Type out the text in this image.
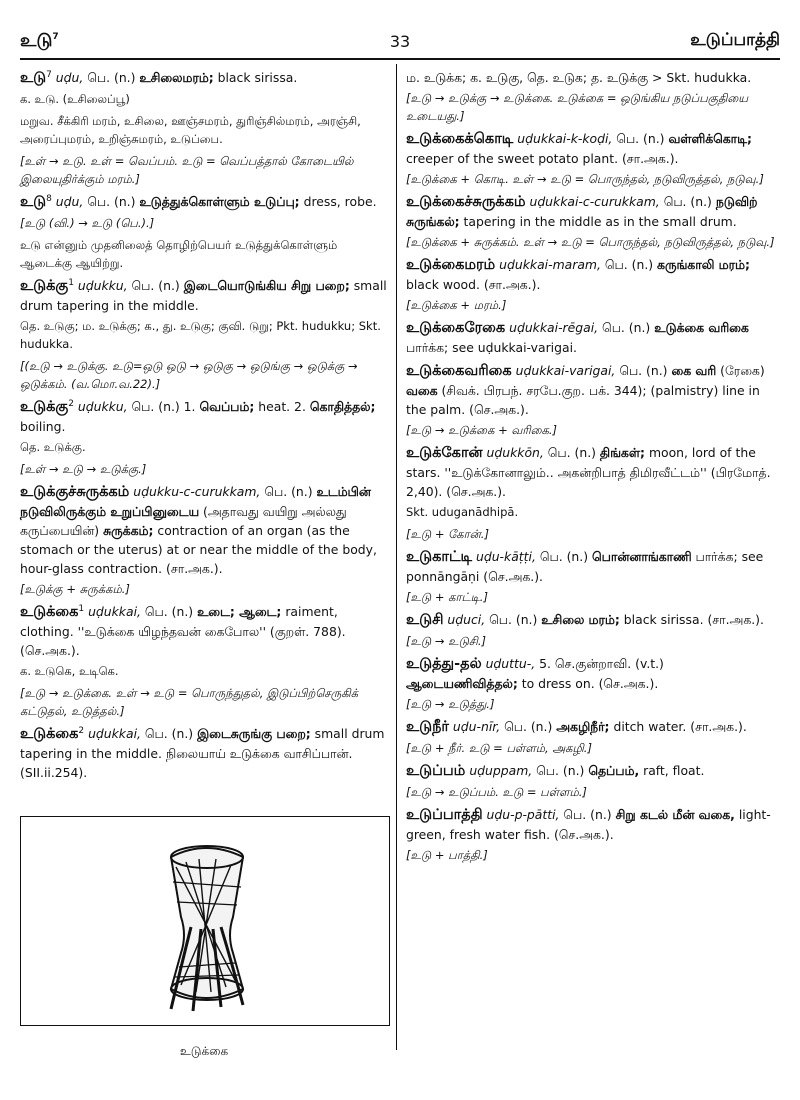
உடு$^7$	33	உடுப்பாத்தி
உடு$^7$ uḍu, பெ. (n.) உசிலைமரம்; black sirissa.
க. உடு. (உசிலைப்பூ)
மறுவ. சீக்கிரி மரம், உசிலை, ஊஞ்சமரம், துரிஞ்சில்மரம், அரஞ்சி, அரைப்புமரம், உறிஞ்சுமரம், உடுப்பை.
[உள் → உடு. உள் = வெப்பம். உடு = வெப்பத்தால் கோடையில் இலையுதிர்க்கும் மரம்.]
உடு$^8$ uḍu, பெ. (n.) உடுத்துக்கொள்ளும் உடுப்பு; dress, robe.
[உடு (வி.) → உடு (பெ.).]
உடு என்னும் முதனிலைத் தொழிற்பெயர் உடுத்துக்கொள்ளும் ஆடைக்கு ஆயிற்று.
உடுக்கு$^1$ uḍukku, பெ. (n.) இடையொடுங்கிய சிறு பறை; small drum tapering in the middle.
தெ. உடுகு; ம. உடுக்கு; க., து. உடுகு; குவி. டுறு; Pkt. hudukku; Skt. hudukka.
[(உடு → உடுக்கு. உடு=ஒடு ஒடு → ஒடுகு → ஒடுங்கு → ஒடுக்கு → ஒடுக்கம். (வ.மொ.வ.22).]
உடுக்கு$^2$ uḍukku, பெ. (n.) 1. வெப்பம்; heat. 2. கொதித்தல்; boiling.
தெ. உடுக்கு.
[உள் → உடு → உடுக்கு.]
உடுக்குச்சுருக்கம் uḍukku-c-curukkam, பெ. (n.) உடம்பின் நடுவிலிருக்கும் உறுப்பினுடைய (அதாவது வயிறு அல்லது கருப்பையின்) சுருக்கம்; contraction of an organ (as the stomach or the uterus) at or near the middle of the body, hour-glass contraction. (சா.அக.).
[உடுக்கு + சுருக்கம்.]
உடுக்கை$^1$ uḍukkai, பெ. (n.) உடை; ஆடை; raiment, clothing. ''உடுக்கை யிழந்தவன் கைபோல'' (குறள். 788). (செ.அக.).
க. உடுகெ, உடிகெ.
[உடு → உடுக்கை. உள் → உடு = பொருந்துதல், இடுப்பிற்செருகிக் கட்டுதல், உடுத்தல்.]
உடுக்கை$^2$ uḍukkai, பெ. (n.) இடைசுருங்கு பறை; small drum tapering in the middle. நிலையாய் உடுக்கை வாசிப்பான். (SII.ii.254).
ம. உடுக்க; க. உடுகு, தெ. உடுக; த. உடுக்கு > Skt. hudukka.
[உடு → உடுக்கு → உடுக்கை. உடுக்கை = ஒடுங்கிய நடுப்பகுதியை உடையது.]
உடுக்கைக்கொடி uḍukkai-k-koḍi, பெ. (n.) வள்ளிக்கொடி; creeper of the sweet potato plant. (சா.அக.).
[உடுக்கை + கொடி. உள் → உடு = பொருந்தல், நடுவிருத்தல், நடுவு.]
உடுக்கைச்சுருக்கம் uḍukkai-c-curukkam, பெ. (n.) நடுவிற் சுருங்கல்; tapering in the middle as in the small drum.
[உடுக்கை + சுருக்கம். உள் → உடு = பொருந்தல், நடுவிருத்தல், நடுவு.]
உடுக்கைமரம் uḍukkai-maram, பெ. (n.) கருங்காலி மரம்; black wood. (சா.அக.).
[உடுக்கை + மரம்.]
உடுக்கைரேகை uḍukkai-rēgai, பெ. (n.) உடுக்கை வரிகை பார்க்க; see uḍukkai-varigai.
உடுக்கைவரிகை uḍukkai-varigai, பெ. (n.) கை வரி (ரேகை) வகை (சிவக். பிரபந். சரபே.குற. பக். 344); (palmistry) line in the palm. (செ.அக.).
[உடு → உடுக்கை + வரிகை.]
உடுக்கோன் uḍukkōn, பெ. (n.) திங்கள்; moon, lord of the stars. ''உடுக்கோனாலும்.. அகன்றிபாத் திமிரவீட்டம்'' (பிரமோத். 2,40). (செ.அக.).
Skt. uduganādhipā.
[உடு + கோன்.]
உடுகாட்டி uḍu-kāṭṭi, பெ. (n.) பொன்னாங்காணி பார்க்க; see ponnāngāṇi (செ.அக.).
[உடு + காட்டி.]
உடுசி uḍuci, பெ. (n.) உசிலை மரம்; black sirissa. (சா.அக.).
[உடு → உடுசி.]
உடுத்து-தல் uḍuttu-, 5. செ.குன்றாவி. (v.t.) ஆடையணிவித்தல்; to dress on. (செ.அக.).
[உடு → உடுத்து.]
உடுநீர் uḍu-nīr, பெ. (n.) அகழிநீர்; ditch water. (சா.அக.).
[உடு + நீர். உடு = பள்ளம், அகழி.]
உடுப்பம் uḍuppam, பெ. (n.) தெப்பம், raft, float.
[உடு → உடுப்பம். உடு = பள்ளம்.]
உடுப்பாத்தி uḍu-p-pātti, பெ. (n.) சிறு கடல் மீன் வகை, light-green, fresh water fish. (செ.அக.).
[உடு + பாத்தி.]
உடுக்கை
